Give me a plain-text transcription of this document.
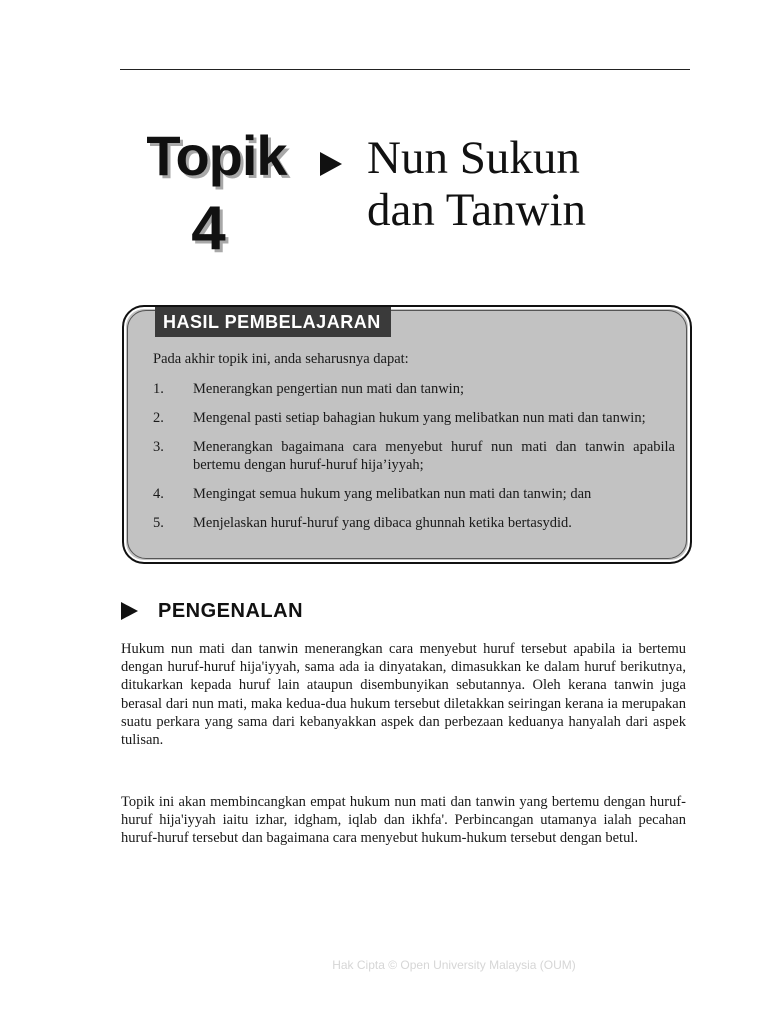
Topik
4
Nun Sukun
dan Tanwin
HASIL PEMBELAJARAN
Pada akhir topik ini, anda seharusnya dapat:
1. Menerangkan pengertian nun mati dan tanwin;
2. Mengenal pasti setiap bahagian hukum yang melibatkan nun mati dan tanwin;
3. Menerangkan bagaimana cara menyebut huruf nun mati dan tanwin apabila bertemu dengan huruf-huruf hija’iyyah;
4. Mengingat semua hukum yang melibatkan nun mati dan tanwin; dan
5. Menjelaskan huruf-huruf yang dibaca ghunnah ketika bertasydid.
PENGENALAN

Hukum nun mati dan tanwin menerangkan cara menyebut huruf tersebut apabila ia bertemu dengan huruf-huruf hija'iyyah, sama ada ia dinyatakan, dimasukkan ke dalam huruf berikutnya, ditukarkan kepada huruf lain ataupun disembunyikan sebutannya. Oleh kerana tanwin juga berasal dari nun mati, maka kedua-dua hukum tersebut diletakkan seiringan kerana ia merupakan suatu perkara yang sama dari kebanyakkan aspek dan perbezaan keduanya hanyalah dari aspek tulisan.

Topik ini akan membincangkan empat hukum nun mati dan tanwin yang bertemu dengan huruf-huruf hija'iyyah iaitu izhar, idgham, iqlab dan ikhfa'. Perbincangan utamanya ialah pecahan huruf-huruf tersebut dan bagaimana cara menyebut hukum-hukum tersebut dengan betul.

Hak Cipta © Open University Malaysia (OUM)
